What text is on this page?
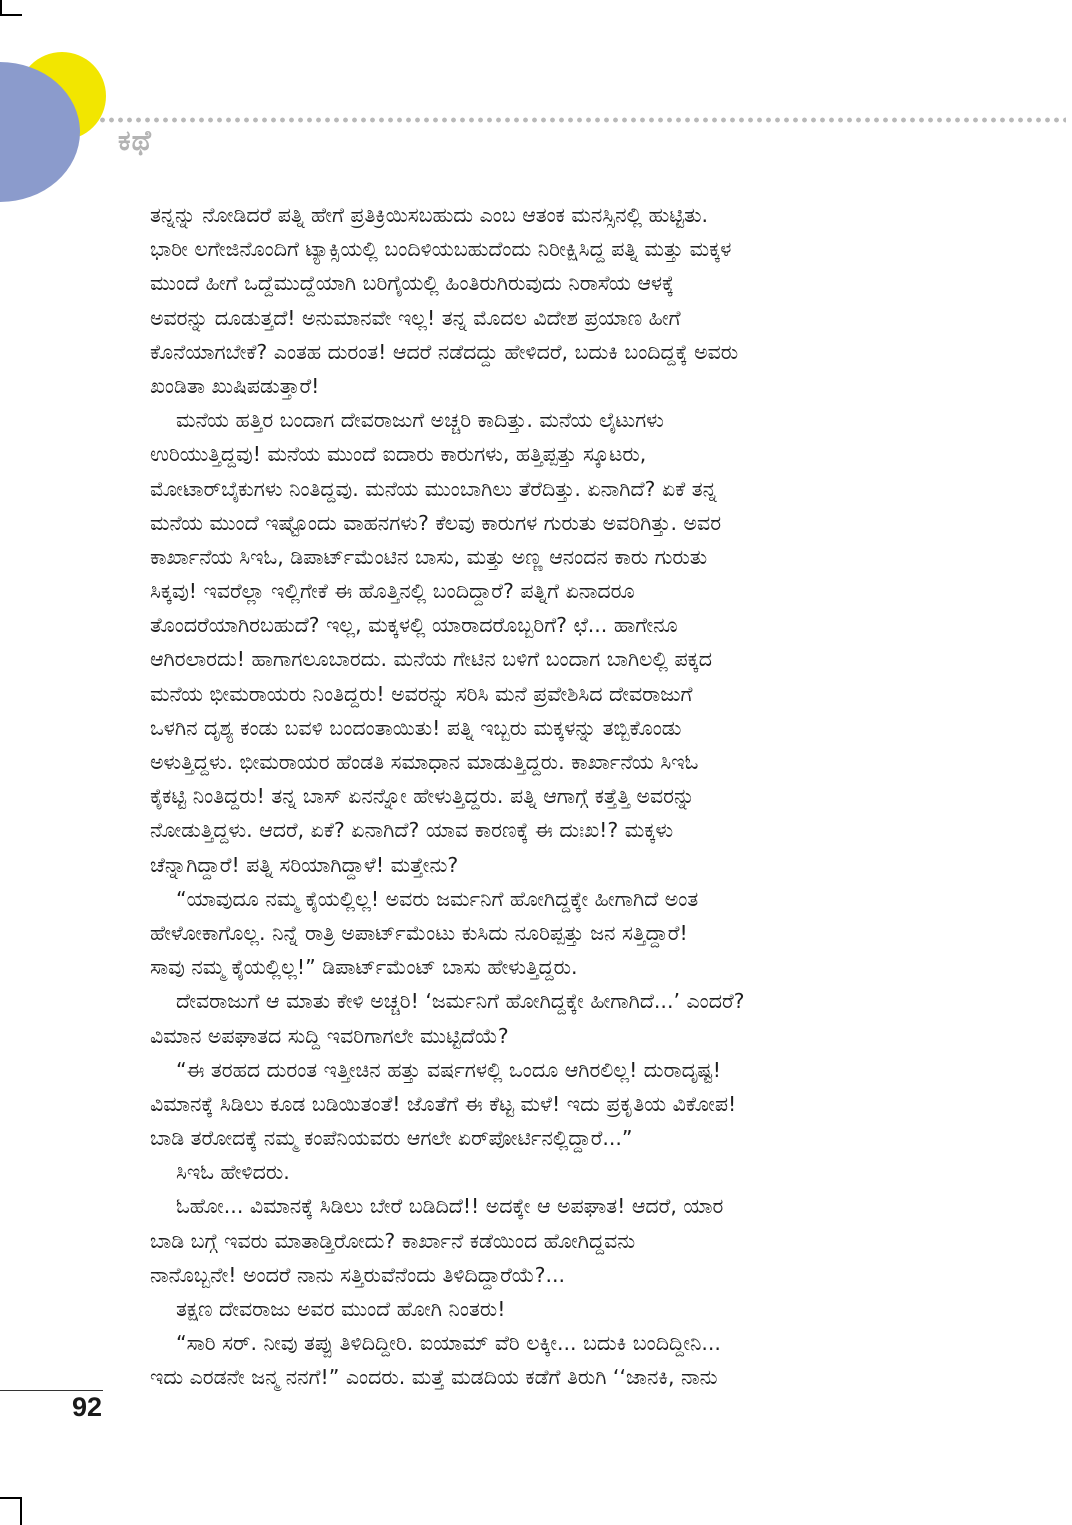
ಕಥೆ
ತನ್ನನ್ನು ನೋಡಿದರೆ ಪತ್ನಿ ಹೇಗೆ ಪ್ರತಿಕ್ರಿಯಿಸಬಹುದು ಎಂಬ ಆತಂಕ ಮನಸ್ಸಿನಲ್ಲಿ ಹುಟ್ಟಿತು.
ಭಾರೀ ಲಗೇಜಿನೊಂದಿಗೆ ಟ್ಯಾಕ್ಸಿಯಲ್ಲಿ ಬಂದಿಳಿಯಬಹುದೆಂದು ನಿರೀಕ್ಷಿಸಿದ್ದ ಪತ್ನಿ ಮತ್ತು ಮಕ್ಕಳ
ಮುಂದೆ ಹೀಗೆ ಒದ್ದೆಮುದ್ದೆಯಾಗಿ ಬರಿಗೈಯಲ್ಲಿ ಹಿಂತಿರುಗಿರುವುದು ನಿರಾಸೆಯ ಆಳಕ್ಕೆ
ಅವರನ್ನು ದೂಡುತ್ತದೆ! ಅನುಮಾನವೇ ಇಲ್ಲ! ತನ್ನ ಮೊದಲ ವಿದೇಶ ಪ್ರಯಾಣ ಹೀಗೆ
ಕೊನೆಯಾಗಬೇಕೆ? ಎಂತಹ ದುರಂತ! ಆದರೆ ನಡೆದದ್ದು ಹೇಳಿದರೆ, ಬದುಕಿ ಬಂದಿದ್ದಕ್ಕೆ ಅವರು
ಖಂಡಿತಾ ಖುಷಿಪಡುತ್ತಾರೆ!
ಮನೆಯ ಹತ್ತಿರ ಬಂದಾಗ ದೇವರಾಜುಗೆ ಅಚ್ಚರಿ ಕಾದಿತ್ತು. ಮನೆಯ ಲೈಟುಗಳು
ಉರಿಯುತ್ತಿದ್ದವು! ಮನೆಯ ಮುಂದೆ ಐದಾರು ಕಾರುಗಳು, ಹತ್ತಿಪ್ಪತ್ತು ಸ್ಕೂಟರು,
ಮೋಟಾರ್‌ಬೈಕುಗಳು ನಿಂತಿದ್ದವು. ಮನೆಯ ಮುಂಬಾಗಿಲು ತೆರೆದಿತ್ತು. ಏನಾಗಿದೆ? ಏಕೆ ತನ್ನ
ಮನೆಯ ಮುಂದೆ ಇಷ್ಟೊಂದು ವಾಹನಗಳು? ಕೆಲವು ಕಾರುಗಳ ಗುರುತು ಅವರಿಗಿತ್ತು. ಅವರ
ಕಾರ್ಖಾನೆಯ ಸಿಇಓ, ಡಿಪಾರ್ಟ್‌ಮೆಂಟಿನ ಬಾಸು, ಮತ್ತು ಅಣ್ಣ ಆನಂದನ ಕಾರು ಗುರುತು
ಸಿಕ್ಕವು! ಇವರೆಲ್ಲಾ ಇಲ್ಲಿಗೇಕೆ ಈ ಹೊತ್ತಿನಲ್ಲಿ ಬಂದಿದ್ದಾರೆ? ಪತ್ನಿಗೆ ಏನಾದರೂ
ತೊಂದರೆಯಾಗಿರಬಹುದೆ? ಇಲ್ಲ, ಮಕ್ಕಳಲ್ಲಿ ಯಾರಾದರೊಬ್ಬರಿಗೆ? ಛೆ... ಹಾಗೇನೂ
ಆಗಿರಲಾರದು! ಹಾಗಾಗಲೂಬಾರದು. ಮನೆಯ ಗೇಟಿನ ಬಳಿಗೆ ಬಂದಾಗ ಬಾಗಿಲಲ್ಲಿ ಪಕ್ಕದ
ಮನೆಯ ಭೀಮರಾಯರು ನಿಂತಿದ್ದರು! ಅವರನ್ನು ಸರಿಸಿ ಮನೆ ಪ್ರವೇಶಿಸಿದ ದೇವರಾಜುಗೆ
ಒಳಗಿನ ದೃಶ್ಯ ಕಂಡು ಬವಳಿ ಬಂದಂತಾಯಿತು! ಪತ್ನಿ ಇಬ್ಬರು ಮಕ್ಕಳನ್ನು ತಬ್ಬಿಕೊಂಡು
ಅಳುತ್ತಿದ್ದಳು. ಭೀಮರಾಯರ ಹೆಂಡತಿ ಸಮಾಧಾನ ಮಾಡುತ್ತಿದ್ದರು. ಕಾರ್ಖಾನೆಯ ಸಿಇಓ
ಕೈಕಟ್ಟಿ ನಿಂತಿದ್ದರು! ತನ್ನ ಬಾಸ್ ಏನನ್ನೋ ಹೇಳುತ್ತಿದ್ದರು. ಪತ್ನಿ ಆಗಾಗ್ಗೆ ಕತ್ತೆತ್ತಿ ಅವರನ್ನು
ನೋಡುತ್ತಿದ್ದಳು. ಆದರೆ, ಏಕೆ? ಏನಾಗಿದೆ? ಯಾವ ಕಾರಣಕ್ಕೆ ಈ ದುಃಖ!? ಮಕ್ಕಳು
ಚೆನ್ನಾಗಿದ್ದಾರೆ! ಪತ್ನಿ ಸರಿಯಾಗಿದ್ದಾಳೆ! ಮತ್ತೇನು?
“ಯಾವುದೂ ನಮ್ಮ ಕೈಯಲ್ಲಿಲ್ಲ! ಅವರು ಜರ್ಮನಿಗೆ ಹೋಗಿದ್ದಕ್ಕೇ ಹೀಗಾಗಿದೆ ಅಂತ
ಹೇಳೋಕಾಗೊಲ್ಲ. ನಿನ್ನೆ ರಾತ್ರಿ ಅಪಾರ್ಟ್‌ಮೆಂಟು ಕುಸಿದು ನೂರಿಪ್ಪತ್ತು ಜನ ಸತ್ತಿದ್ದಾರೆ!
ಸಾವು ನಮ್ಮ ಕೈಯಲ್ಲಿಲ್ಲ!” ಡಿಪಾರ್ಟ್‌ಮೆಂಟ್ ಬಾಸು ಹೇಳುತ್ತಿದ್ದರು.
ದೇವರಾಜುಗೆ ಆ ಮಾತು ಕೇಳಿ ಅಚ್ಚರಿ! ‘ಜರ್ಮನಿಗೆ ಹೋಗಿದ್ದಕ್ಕೇ ಹೀಗಾಗಿದೆ...’ ಎಂದರೆ?
ವಿಮಾನ ಅಪಘಾತದ ಸುದ್ದಿ ಇವರಿಗಾಗಲೇ ಮುಟ್ಟಿದೆಯೆ?
“ಈ ತರಹದ ದುರಂತ ಇತ್ತೀಚಿನ ಹತ್ತು ವರ್ಷಗಳಲ್ಲಿ ಒಂದೂ ಆಗಿರಲಿಲ್ಲ! ದುರಾದೃಷ್ಟ!
ವಿಮಾನಕ್ಕೆ ಸಿಡಿಲು ಕೂಡ ಬಡಿಯಿತಂತೆ! ಜೊತೆಗೆ ಈ ಕೆಟ್ಟ ಮಳೆ! ಇದು ಪ್ರಕೃತಿಯ ವಿಕೋಪ!
ಬಾಡಿ ತರೋದಕ್ಕೆ ನಮ್ಮ ಕಂಪೆನಿಯವರು ಆಗಲೇ ಏರ್‌ಪೋರ್ಟಿನಲ್ಲಿದ್ದಾರೆ...”
ಸಿಇಓ ಹೇಳಿದರು.
ಓಹೋ... ವಿಮಾನಕ್ಕೆ ಸಿಡಿಲು ಬೇರೆ ಬಡಿದಿದೆ!! ಅದಕ್ಕೇ ಆ ಅಪಘಾತ! ಆದರೆ, ಯಾರ
ಬಾಡಿ ಬಗ್ಗೆ ಇವರು ಮಾತಾಡ್ತಿರೋದು? ಕಾರ್ಖಾನೆ ಕಡೆಯಿಂದ ಹೋಗಿದ್ದವನು
ನಾನೊಬ್ಬನೇ! ಅಂದರೆ ನಾನು ಸತ್ತಿರುವೆನೆಂದು ತಿಳಿದಿದ್ದಾರೆಯೆ?...
ತಕ್ಷಣ ದೇವರಾಜು ಅವರ ಮುಂದೆ ಹೋಗಿ ನಿಂತರು!
“ಸಾರಿ ಸರ್. ನೀವು ತಪ್ಪು ತಿಳಿದಿದ್ದೀರಿ. ಐಯಾಮ್ ವೆರಿ ಲಕ್ಕೀ... ಬದುಕಿ ಬಂದಿದ್ದೀನಿ...
ಇದು ಎರಡನೇ ಜನ್ಮ ನನಗೆ!” ಎಂದರು. ಮತ್ತೆ ಮಡದಿಯ ಕಡೆಗೆ ತಿರುಗಿ ‘‘ಜಾನಕಿ, ನಾನು
92
